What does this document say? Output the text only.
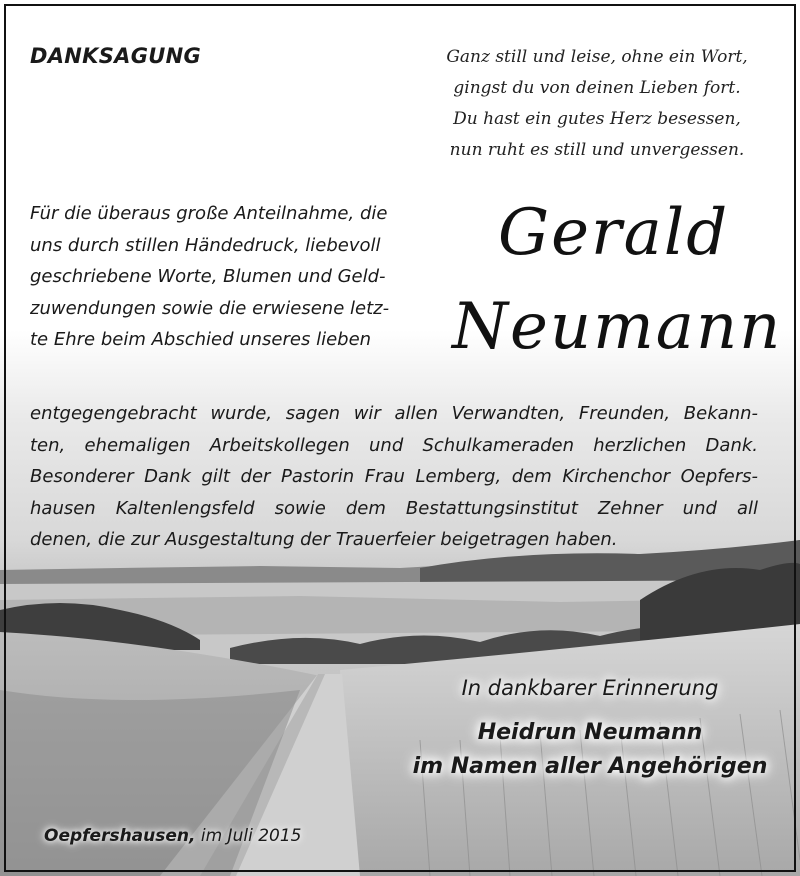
DANKSAGUNG	Ganz still und leise, ohne ein Wort,
gingst du von deinen Lieben fort.
Du hast ein gutes Herz besessen,
nun ruht es still und unvergessen.
Für die überaus große Anteilnahme, die
uns durch stillen Händedruck, liebevoll
geschriebene Worte, Blumen und Geld-
zuwendungen sowie die erwiesene letz-
te Ehre beim Abschied unseres lieben
Gerald
Neumann
entgegengebracht wurde, sagen wir allen Verwandten, Freunden, Bekann-
ten, ehemaligen Arbeitskollegen und Schulkameraden herzlichen Dank.
Besonderer Dank gilt der Pastorin Frau Lemberg, dem Kirchenchor Oepfers-
hausen Kaltenlengsfeld sowie dem Bestattungsinstitut Zehner und all
denen, die zur Ausgestaltung der Trauerfeier beigetragen haben.
In dankbarer Erinnerung
Heidrun Neumann
im Namen aller Angehörigen
Oepfershausen, im Juli 2015
